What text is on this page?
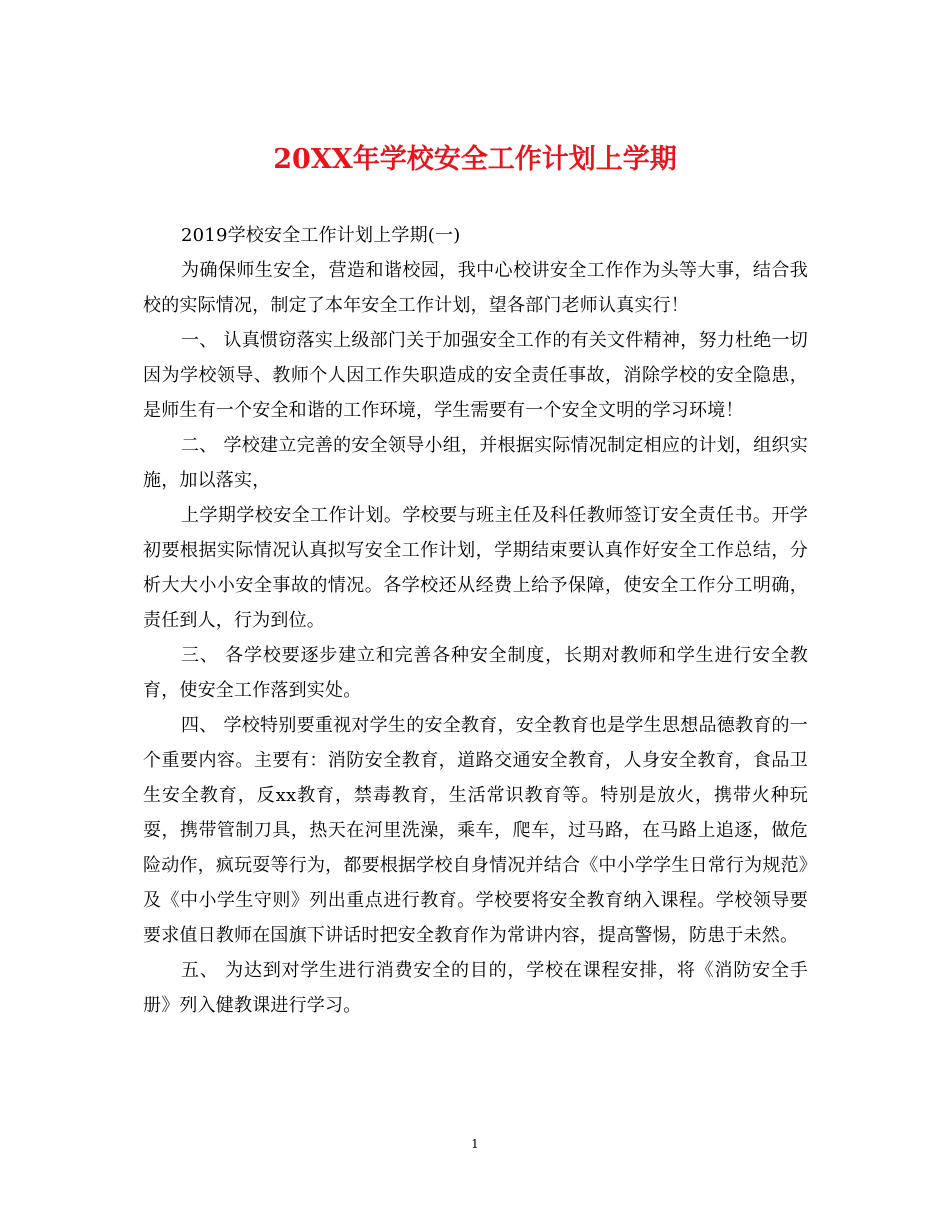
20XX年学校安全工作计划上学期

2019学校安全工作计划上学期(一)

为确保师生安全，营造和谐校园，我中心校讲安全工作作为头等大事，结合我校的实际情况，制定了本年安全工作计划，望各部门老师认真实行！

一、 认真惯窃落实上级部门关于加强安全工作的有关文件精神，努力杜绝一切因为学校领导、教师个人因工作失职造成的安全责任事故，消除学校的安全隐患，是师生有一个安全和谐的工作环境，学生需要有一个安全文明的学习环境！

二、 学校建立完善的安全领导小组，并根据实际情况制定相应的计划，组织实施，加以落实，

上学期学校安全工作计划。学校要与班主任及科任教师签订安全责任书。开学初要根据实际情况认真拟写安全工作计划，学期结束要认真作好安全工作总结，分析大大小小安全事故的情况。各学校还从经费上给予保障，使安全工作分工明确，责任到人，行为到位。

三、 各学校要逐步建立和完善各种安全制度，长期对教师和学生进行安全教育，使安全工作落到实处。

四、 学校特别要重视对学生的安全教育，安全教育也是学生思想品德教育的一个重要内容。主要有：消防安全教育，道路交通安全教育，人身安全教育，食品卫生安全教育，反xx教育，禁毒教育，生活常识教育等。特别是放火，携带火种玩耍，携带管制刀具，热天在河里洗澡，乘车，爬车，过马路，在马路上追逐，做危险动作，疯玩耍等行为，都要根据学校自身情况并结合《中小学学生日常行为规范》及《中小学生守则》列出重点进行教育。学校要将安全教育纳入课程。学校领导要要求值日教师在国旗下讲话时把安全教育作为常讲内容，提高警惕，防患于未然。

五、 为达到对学生进行消费安全的目的，学校在课程安排，将《消防安全手册》列入健教课进行学习。

1
